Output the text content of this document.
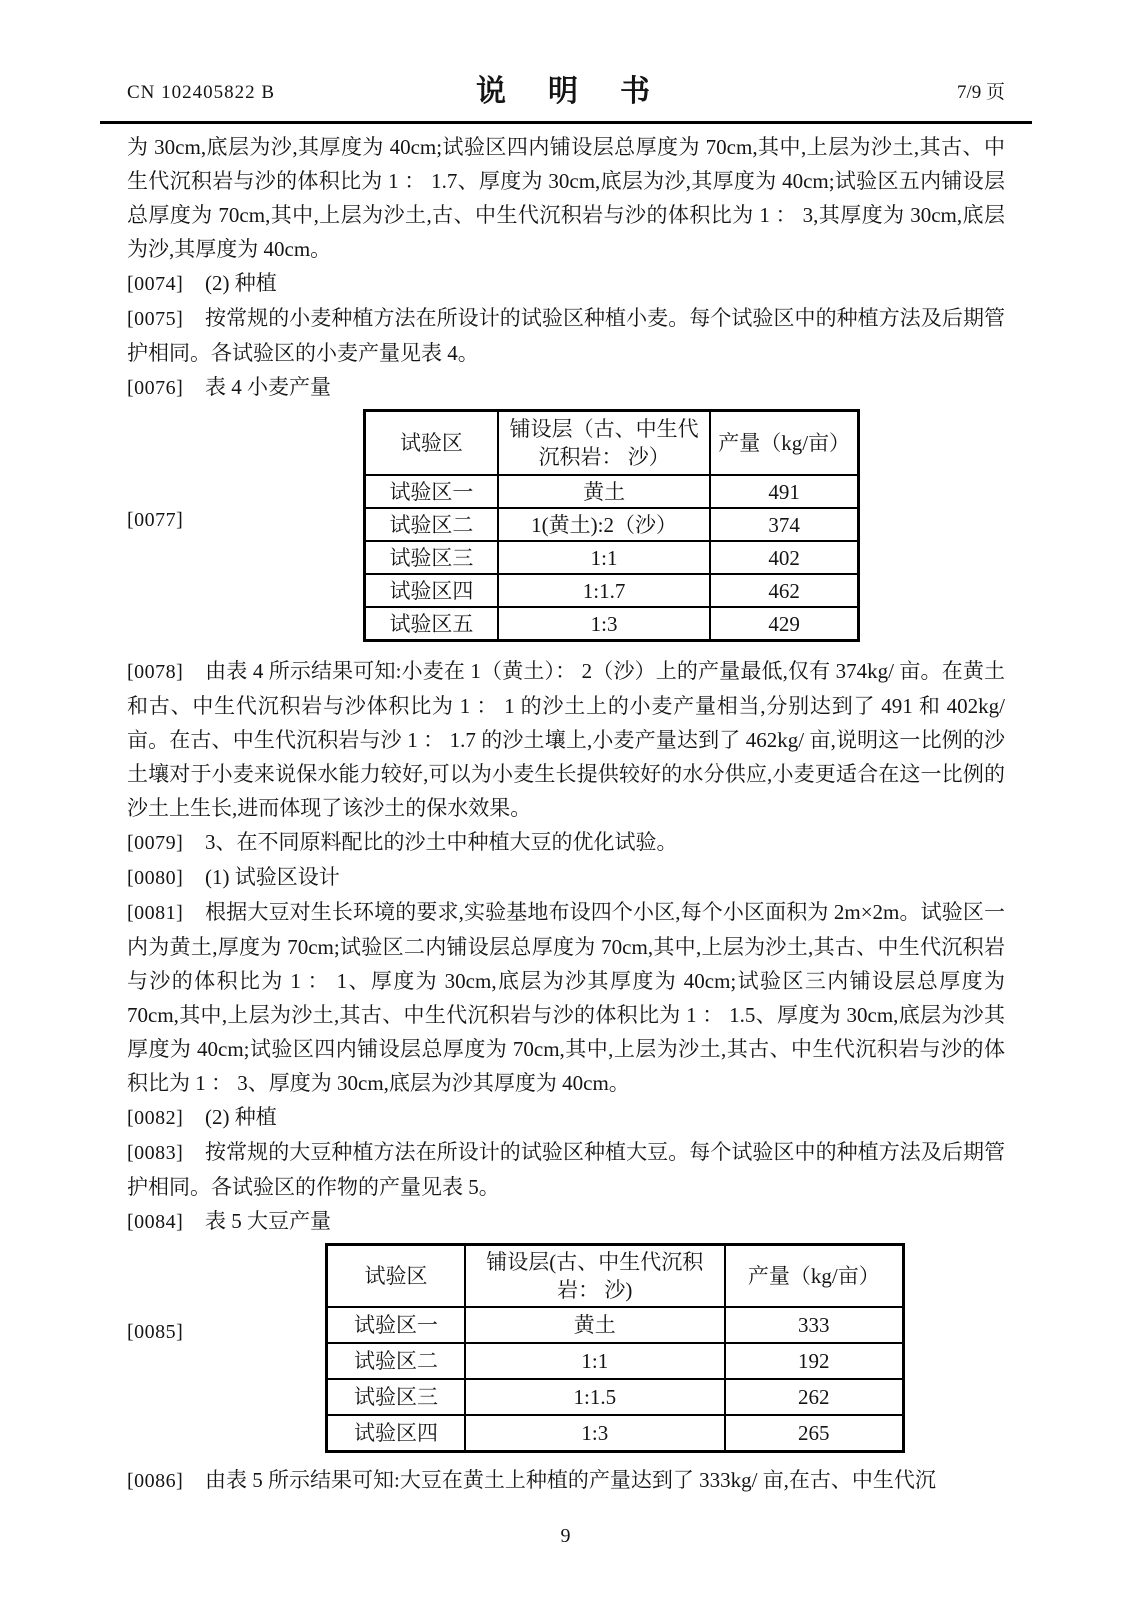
CN 102405822 B	说　明　书	7/9 页

为 30cm,底层为沙,其厚度为 40cm;试验区四内铺设层总厚度为 70cm,其中,上层为沙土,其古、中生代沉积岩与沙的体积比为 1 ： 1.7、厚度为 30cm,底层为沙,其厚度为 40cm;试验区五内铺设层总厚度为 70cm,其中,上层为沙土,古、中生代沉积岩与沙的体积比为 1 ： 3,其厚度为 30cm,底层为沙,其厚度为 40cm。

[0074] (2) 种植

[0075] 按常规的小麦种植方法在所设计的试验区种植小麦。每个试验区中的种植方法及后期管护相同。各试验区的小麦产量见表 4。

[0076] 表 4 小麦产量

[0077]
试验区	铺设层（古、中生代沉积岩： 沙）	产量（kg/亩）
试验区一	黄土	491
试验区二	1(黄土):2（沙）	374
试验区三	1:1	402
试验区四	1:1.7	462
试验区五	1:3	429

[0078] 由表 4 所示结果可知:小麦在 1（黄土）： 2（沙）上的产量最低,仅有 374kg/ 亩。在黄土和古、中生代沉积岩与沙体积比为 1 ： 1 的沙土上的小麦产量相当,分别达到了 491 和 402kg/ 亩。在古、中生代沉积岩与沙 1 ： 1.7 的沙土壤上,小麦产量达到了 462kg/ 亩,说明这一比例的沙土壤对于小麦来说保水能力较好,可以为小麦生长提供较好的水分供应,小麦更适合在这一比例的沙土上生长,进而体现了该沙土的保水效果。

[0079] 3、在不同原料配比的沙土中种植大豆的优化试验。

[0080] (1) 试验区设计

[0081] 根据大豆对生长环境的要求,实验基地布设四个小区,每个小区面积为 2m×2m。试验区一内为黄土,厚度为 70cm;试验区二内铺设层总厚度为 70cm,其中,上层为沙土,其古、中生代沉积岩与沙的体积比为 1 ： 1、厚度为 30cm,底层为沙其厚度为 40cm;试验区三内铺设层总厚度为 70cm,其中,上层为沙土,其古、中生代沉积岩与沙的体积比为 1 ： 1.5、厚度为 30cm,底层为沙其厚度为 40cm;试验区四内铺设层总厚度为 70cm,其中,上层为沙土,其古、中生代沉积岩与沙的体积比为 1 ： 3、厚度为 30cm,底层为沙其厚度为 40cm。

[0082] (2) 种植

[0083] 按常规的大豆种植方法在所设计的试验区种植大豆。每个试验区中的种植方法及后期管护相同。各试验区的作物的产量见表 5。

[0084] 表 5 大豆产量

[0085]
试验区	铺设层(古、中生代沉积岩： 沙)	产量（kg/亩）
试验区一	黄土	333
试验区二	1:1	192
试验区三	1:1.5	262
试验区四	1:3	265

[0086] 由表 5 所示结果可知:大豆在黄土上种植的产量达到了 333kg/ 亩,在古、中生代沉

9
